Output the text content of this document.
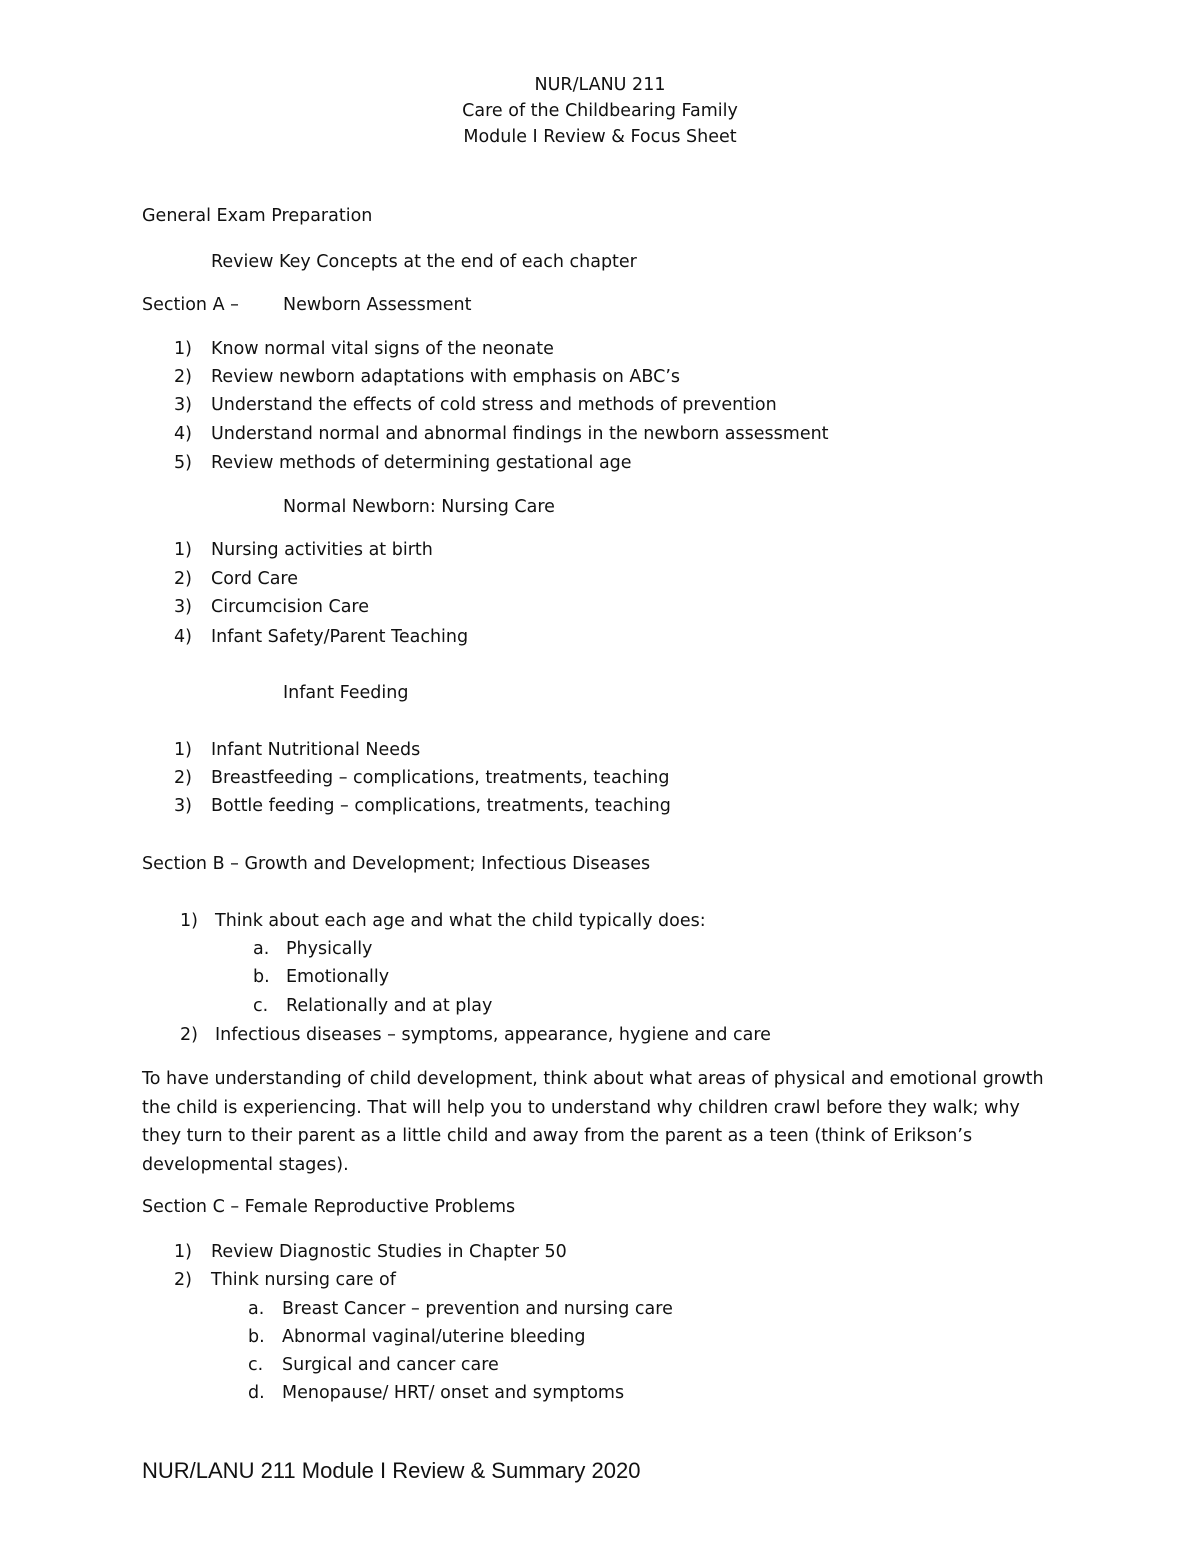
NUR/LANU 211
Care of the Childbearing Family
Module I Review & Focus Sheet
General Exam Preparation
Review Key Concepts at the end of each chapter
Section A –	Newborn Assessment
1)	Know normal vital signs of the neonate
2)	Review newborn adaptations with emphasis on ABC’s
3)	Understand the effects of cold stress and methods of prevention
4)	Understand normal and abnormal findings in the newborn assessment
5)	Review methods of determining gestational age
Normal Newborn: Nursing Care
1)	Nursing activities at birth
2)	Cord Care
3)	Circumcision Care
4)	Infant Safety/Parent Teaching
Infant Feeding
1)	Infant Nutritional Needs
2)	Breastfeeding – complications, treatments, teaching
3)	Bottle feeding – complications, treatments, teaching
Section B – Growth and Development; Infectious Diseases
1) Think about each age and what the child typically does:
a. Physically
b. Emotionally
c.	Relationally and at play
2) Infectious diseases – symptoms, appearance, hygiene and care
To have understanding of child development, think about what areas of physical and emotional growth
the child is experiencing. That will help you to understand why children crawl before they walk; why
they turn to their parent as a little child and away from the parent as a teen (think of Erikson’s
developmental stages).
Section C – Female Reproductive Problems
1)	Review Diagnostic Studies in Chapter 50
2)	Think nursing care of
a.	Breast Cancer – prevention and nursing care
b. Abnormal vaginal/uterine bleeding
c.	Surgical and cancer care
d. Menopause/ HRT/ onset and symptoms
NUR/LANU 211 Module I Review & Summary 2020
